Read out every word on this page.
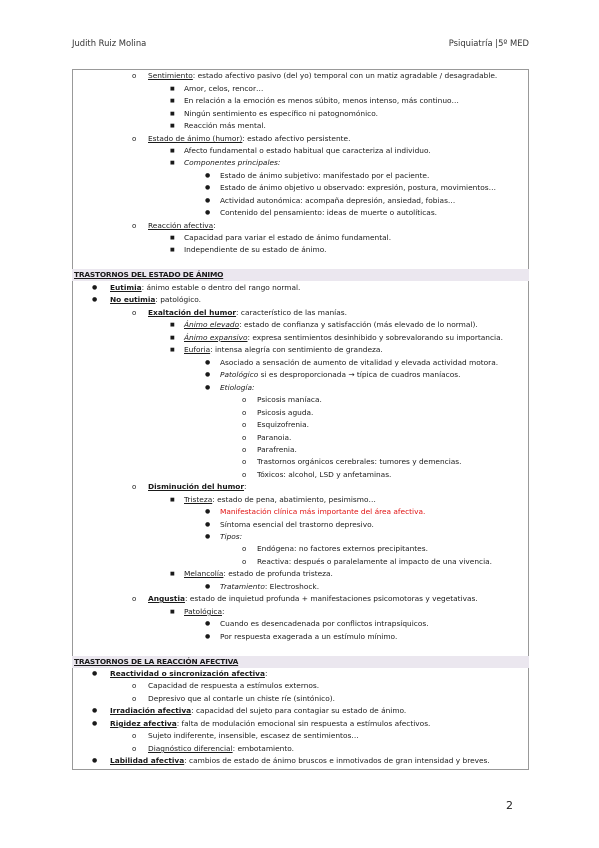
Judith Ruiz Molina	Psiquiatría |5º MED
o Sentimiento: estado afectivo pasivo (del yo) temporal con un matiz agradable / desagradable.
■ Amor, celos, rencor…
■ En relación a la emoción es menos súbito, menos intenso, más continuo…
■ Ningún sentimiento es específico ni patognomónico.
■ Reacción más mental.
o Estado de ánimo (humor): estado afectivo persistente.
■ Afecto fundamental o estado habitual que caracteriza al individuo.
■ Componentes principales:
● Estado de ánimo subjetivo: manifestado por el paciente.
● Estado de ánimo objetivo u observado: expresión, postura, movimientos…
● Actividad autonómica: acompaña depresión, ansiedad, fobias…
● Contenido del pensamiento: ideas de muerte o autolíticas.
o Reacción afectiva:
■ Capacidad para variar el estado de ánimo fundamental.
■ Independiente de su estado de ánimo.
TRASTORNOS DEL ESTADO DE ÁNIMO
● Eutimia: ánimo estable o dentro del rango normal.
● No eutimia: patológico.
o Exaltación del humor: característico de las manías.
■ Ánimo elevado: estado de confianza y satisfacción (más elevado de lo normal).
■ Ánimo expansivo: expresa sentimientos desinhibido y sobrevalorando su importancia.
■ Euforia: intensa alegría con sentimiento de grandeza.
● Asociado a sensación de aumento de vitalidad y elevada actividad motora.
● Patológico si es desproporcionada → típica de cuadros maníacos.
● Etiología:
o Psicosis maníaca.
o Psicosis aguda.
o Esquizofrenia.
o Paranoia.
o Parafrenia.
o Trastornos orgánicos cerebrales: tumores y demencias.
o Tóxicos: alcohol, LSD y anfetaminas.
o Disminución del humor:
■ Tristeza: estado de pena, abatimiento, pesimismo…
● Manifestación clínica más importante del área afectiva.
● Síntoma esencial del trastorno depresivo.
● Tipos:
o Endógena: no factores externos precipitantes.
o Reactiva: después o paralelamente al impacto de una vivencia.
■ Melancolía: estado de profunda tristeza.
● Tratamiento: Electroshock.
o Angustia: estado de inquietud profunda + manifestaciones psicomotoras y vegetativas.
■ Patológica:
● Cuando es desencadenada por conflictos intrapsíquicos.
● Por respuesta exagerada a un estímulo mínimo.
TRASTORNOS DE LA REACCIÓN AFECTIVA
● Reactividad o sincronización afectiva:
o Capacidad de respuesta a estímulos externos.
o Depresivo que al contarle un chiste ríe (sintónico).
● Irradiación afectiva: capacidad del sujeto para contagiar su estado de ánimo.
● Rigidez afectiva: falta de modulación emocional sin respuesta a estímulos afectivos.
o Sujeto indiferente, insensible, escasez de sentimientos…
o Diagnóstico diferencial: embotamiento.
● Labilidad afectiva: cambios de estado de ánimo bruscos e inmotivados de gran intensidad y breves.
2
